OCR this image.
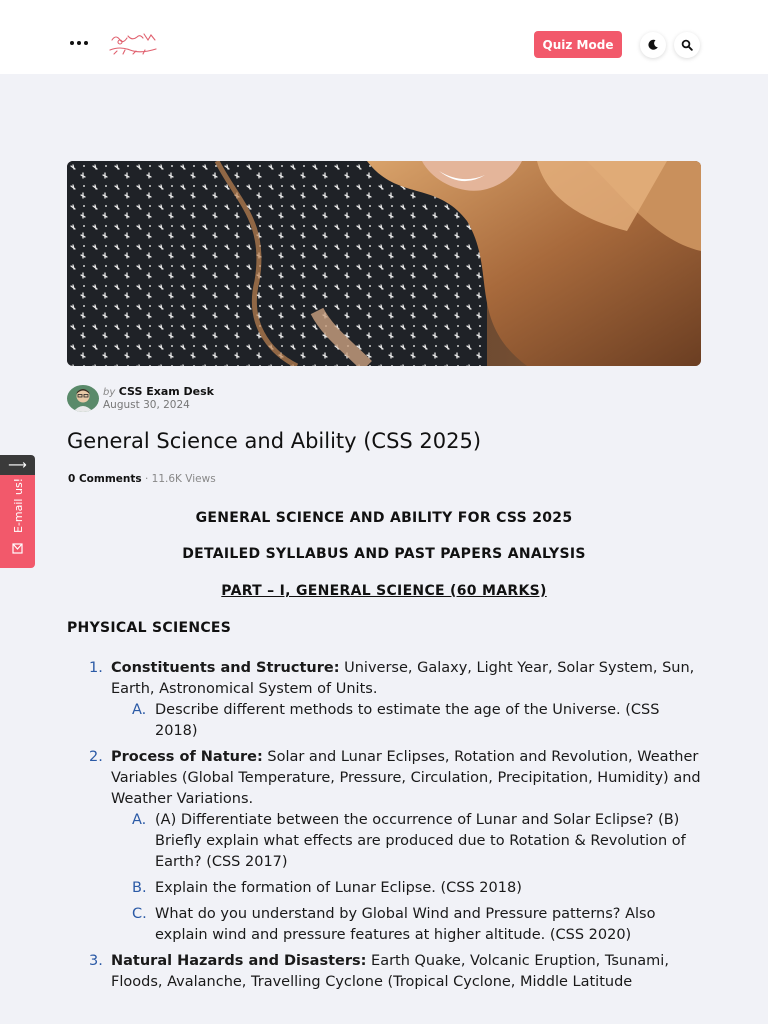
Quiz Mode
by CSS Exam Desk
August 30, 2024
General Science and Ability (CSS 2025)
0 Comments · 11.6K Views
GENERAL SCIENCE AND ABILITY FOR CSS 2025
DETAILED SYLLABUS AND PAST PAPERS ANALYSIS
PART – I, GENERAL SCIENCE (60 MARKS)
PHYSICAL SCIENCES
1. Constituents and Structure: Universe, Galaxy, Light Year, Solar System, Sun, Earth, Astronomical System of Units.
A. Describe different methods to estimate the age of the Universe. (CSS 2018)
2. Process of Nature: Solar and Lunar Eclipses, Rotation and Revolution, Weather Variables (Global Temperature, Pressure, Circulation, Precipitation, Humidity) and Weather Variations.
A. (A) Differentiate between the occurrence of Lunar and Solar Eclipse? (B) Briefly explain what effects are produced due to Rotation & Revolution of Earth? (CSS 2017)
B. Explain the formation of Lunar Eclipse. (CSS 2018)
C. What do you understand by Global Wind and Pressure patterns? Also explain wind and pressure features at higher altitude. (CSS 2020)
3. Natural Hazards and Disasters: Earth Quake, Volcanic Eruption, Tsunami, Floods, Avalanche, Travelling Cyclone (Tropical Cyclone, Middle Latitude
⟶
E-mail us!
